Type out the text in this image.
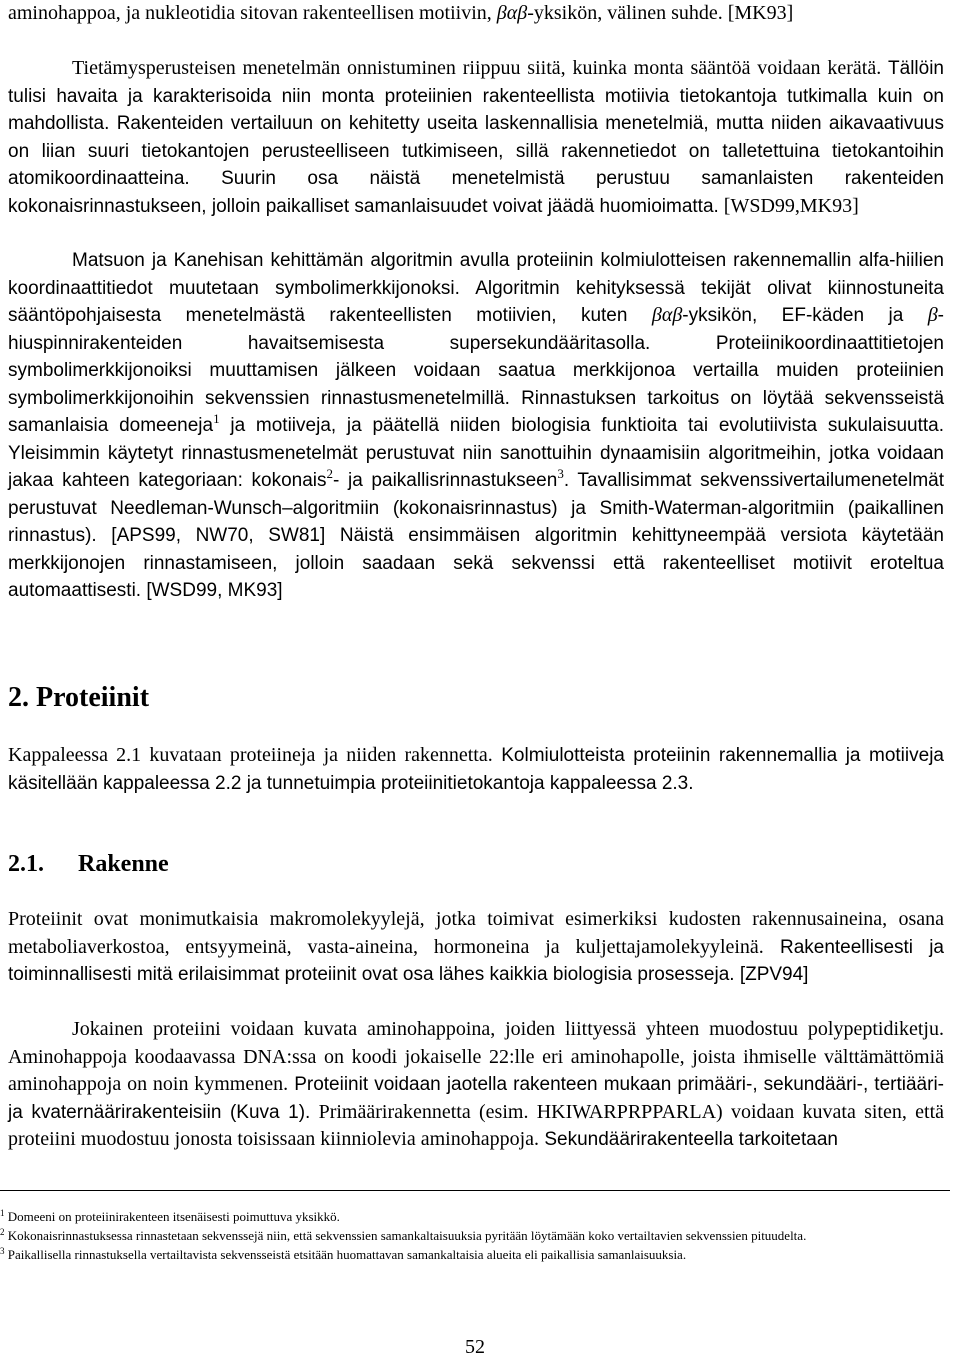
aminohappoa, ja nukleotidia sitovan rakenteellisen motiivin, βαβ-yksikön, välinen suhde. [MK93]

Tietämysperusteisen menetelmän onnistuminen riippuu siitä, kuinka monta sääntöä voidaan kerätä. Tällöin tulisi havaita ja karakterisoida niin monta proteiinien rakenteellista motiivia tietokantoja tutkimalla kuin on mahdollista. Rakenteiden vertailuun on kehitetty useita laskennallisia menetelmiä, mutta niiden aikavaativuus on liian suuri tietokantojen perusteelliseen tutkimiseen, sillä rakennetiedot on talletettuina tietokantoihin atomikoordinaatteina. Suurin osa näistä menetelmistä perustuu samanlaisten rakenteiden kokonaisrinnastukseen, jolloin paikalliset samanlaisuudet voivat jäädä huomioimatta. [WSD99,MK93]

Matsuon ja Kanehisan kehittämän algoritmin avulla proteiinin kolmiulotteisen rakennemallin alfa-hiilien koordinaattitiedot muutetaan symbolimerkkijonoksi. Algoritmin kehityksessä tekijät olivat kiinnostuneita sääntöpohjaisesta menetelmästä rakenteellisten motiivien, kuten βαβ-yksikön, EF-käden ja β-hiuspinnirakenteiden havaitsemisesta supersekundääritasolla. Proteiinikoordinaattitietojen symbolimerkkijonoiksi muuttamisen jälkeen voidaan saatua merkkijonoa vertailla muiden proteiinien symbolimerkkijonoihin sekvenssien rinnastusmenetelmillä. Rinnastuksen tarkoitus on löytää sekvensseistä samanlaisia domeeneja$^1$ ja motiiveja, ja päätellä niiden biologisia funktioita tai evolutiivista sukulaisuutta. Yleisimmin käytetyt rinnastusmenetelmät perustuvat niin sanottuihin dynaamisiin algoritmeihin, jotka voidaan jakaa kahteen kategoriaan: kokonais$^2$- ja paikallisrinnastukseen$^3$. Tavallisimmat sekvenssivertailumenetelmät perustuvat Needleman-Wunsch–algoritmiin (kokonaisrinnastus) ja Smith-Waterman-algoritmiin (paikallinen rinnastus). [APS99, NW70, SW81] Näistä ensimmäisen algoritmin kehittyneempää versiota käytetään merkkijonojen rinnastamiseen, jolloin saadaan sekä sekvenssi että rakenteelliset motiivit eroteltua automaattisesti. [WSD99, MK93]

2. Proteiinit

Kappaleessa 2.1 kuvataan proteiineja ja niiden rakennetta. Kolmiulotteista proteiinin rakennemallia ja motiiveja käsitellään kappaleessa 2.2 ja tunnetuimpia proteiinitietokantoja kappaleessa 2.3.

2.1. Rakenne

Proteiinit ovat monimutkaisia makromolekyylejä, jotka toimivat esimerkiksi kudosten rakennusaineina, osana metaboliaverkostoa, entsyymeinä, vasta-aineina, hormoneina ja kuljettajamolekyyleinä. Rakenteellisesti ja toiminnallisesti mitä erilaisimmat proteiinit ovat osa lähes kaikkia biologisia prosesseja. [ZPV94]

Jokainen proteiini voidaan kuvata aminohappoina, joiden liittyessä yhteen muodostuu polypeptidiketju. Aminohappoja koodaavassa DNA:ssa on koodi jokaiselle 22:lle eri aminohapolle, joista ihmiselle välttämättömiä aminohappoja on noin kymmenen. Proteiinit voidaan jaotella rakenteen mukaan primääri-, sekundääri-, tertiääri- ja kvaternäärirakenteisiin (Kuva 1). Primäärirakennetta (esim. HKIWARPRPPARLA) voidaan kuvata siten, että proteiini muodostuu jonosta toisissaan kiinniolevia aminohappoja. Sekundäärirakenteella tarkoitetaan

$^1$ Domeeni on proteiinirakenteen itsenäisesti poimuttuva yksikkö.

$^2$ Kokonaisrinnastuksessa rinnastetaan sekvenssejä niin, että sekvenssien samankaltaisuuksia pyritään löytämään koko vertailtavien sekvenssien pituudelta.

$^3$ Paikallisella rinnastuksella vertailtavista sekvensseistä etsitään huomattavan samankaltaisia alueita eli paikallisia samanlaisuuksia.

52
